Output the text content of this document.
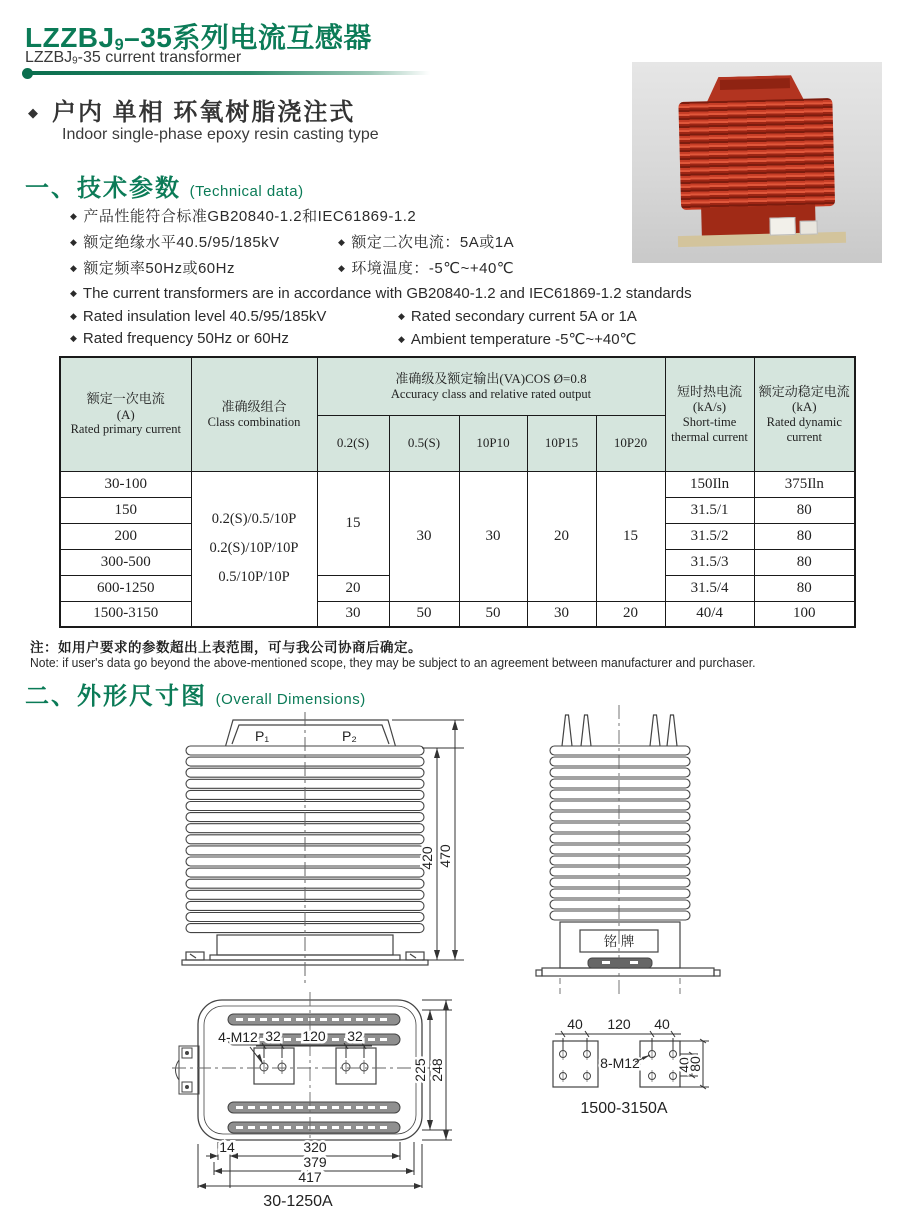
LZZBJ9–35系列电流互感器
LZZBJ9-35 current transformer
◆ 户内 单相 环氧树脂浇注式
Indoor single-phase epoxy resin casting type
一、技术参数 (Technical data)
◆ 产品性能符合标准GB20840-1.2和IEC61869-1.2
◆ 额定绝缘水平40.5/95/185kV	◆ 额定二次电流：5A或1A
◆ 额定频率50Hz或60Hz	◆ 环境温度：-5℃~+40℃
◆ The current transformers are in accordance with GB20840-1.2 and IEC61869-1.2 standards
◆ Rated insulation level 40.5/95/185kV	◆ Rated secondary current 5A or 1A
◆ Rated frequency 50Hz or 60Hz	◆ Ambient temperature -5℃~+40℃
额定一次电流
(A)
Rated primary current	准确级组合
Class combination	准确级及额定输出(VA)COS Ø=0.8
Accuracy class and relative rated output					短时热电流(kA/s)
Short-time thermal current	额定动稳定电流
(kA)
Rated dynamic current

		0.2(S)	0.5(S)	10P10	10P15	10P20		
30-100	0.2(S)/0.5/10P
0.2(S)/10P/10P
0.5/10P/10P	15	30	30	20	15	150Iln	375Iln
150							31.5/1	80
200							31.5/2	80
300-500							31.5/3	80
600-1250		20					31.5/4	80
1500-3150		30	50	50	30	20	40/4	100
注：如用户要求的参数超出上表范围，可与我公司协商后确定。
Note: if user's data go beyond the above-mentioned scope, they may be subject to an agreement between manufacturer and purchaser.
二、外形尺寸图 (Overall Dimensions)
P₁	P₂
420 470
4-M12 32 120 32
225 248
14	320
379
417
30-1250A
铭 牌
40 120 40
8-M12	40
80
1500-3150A
